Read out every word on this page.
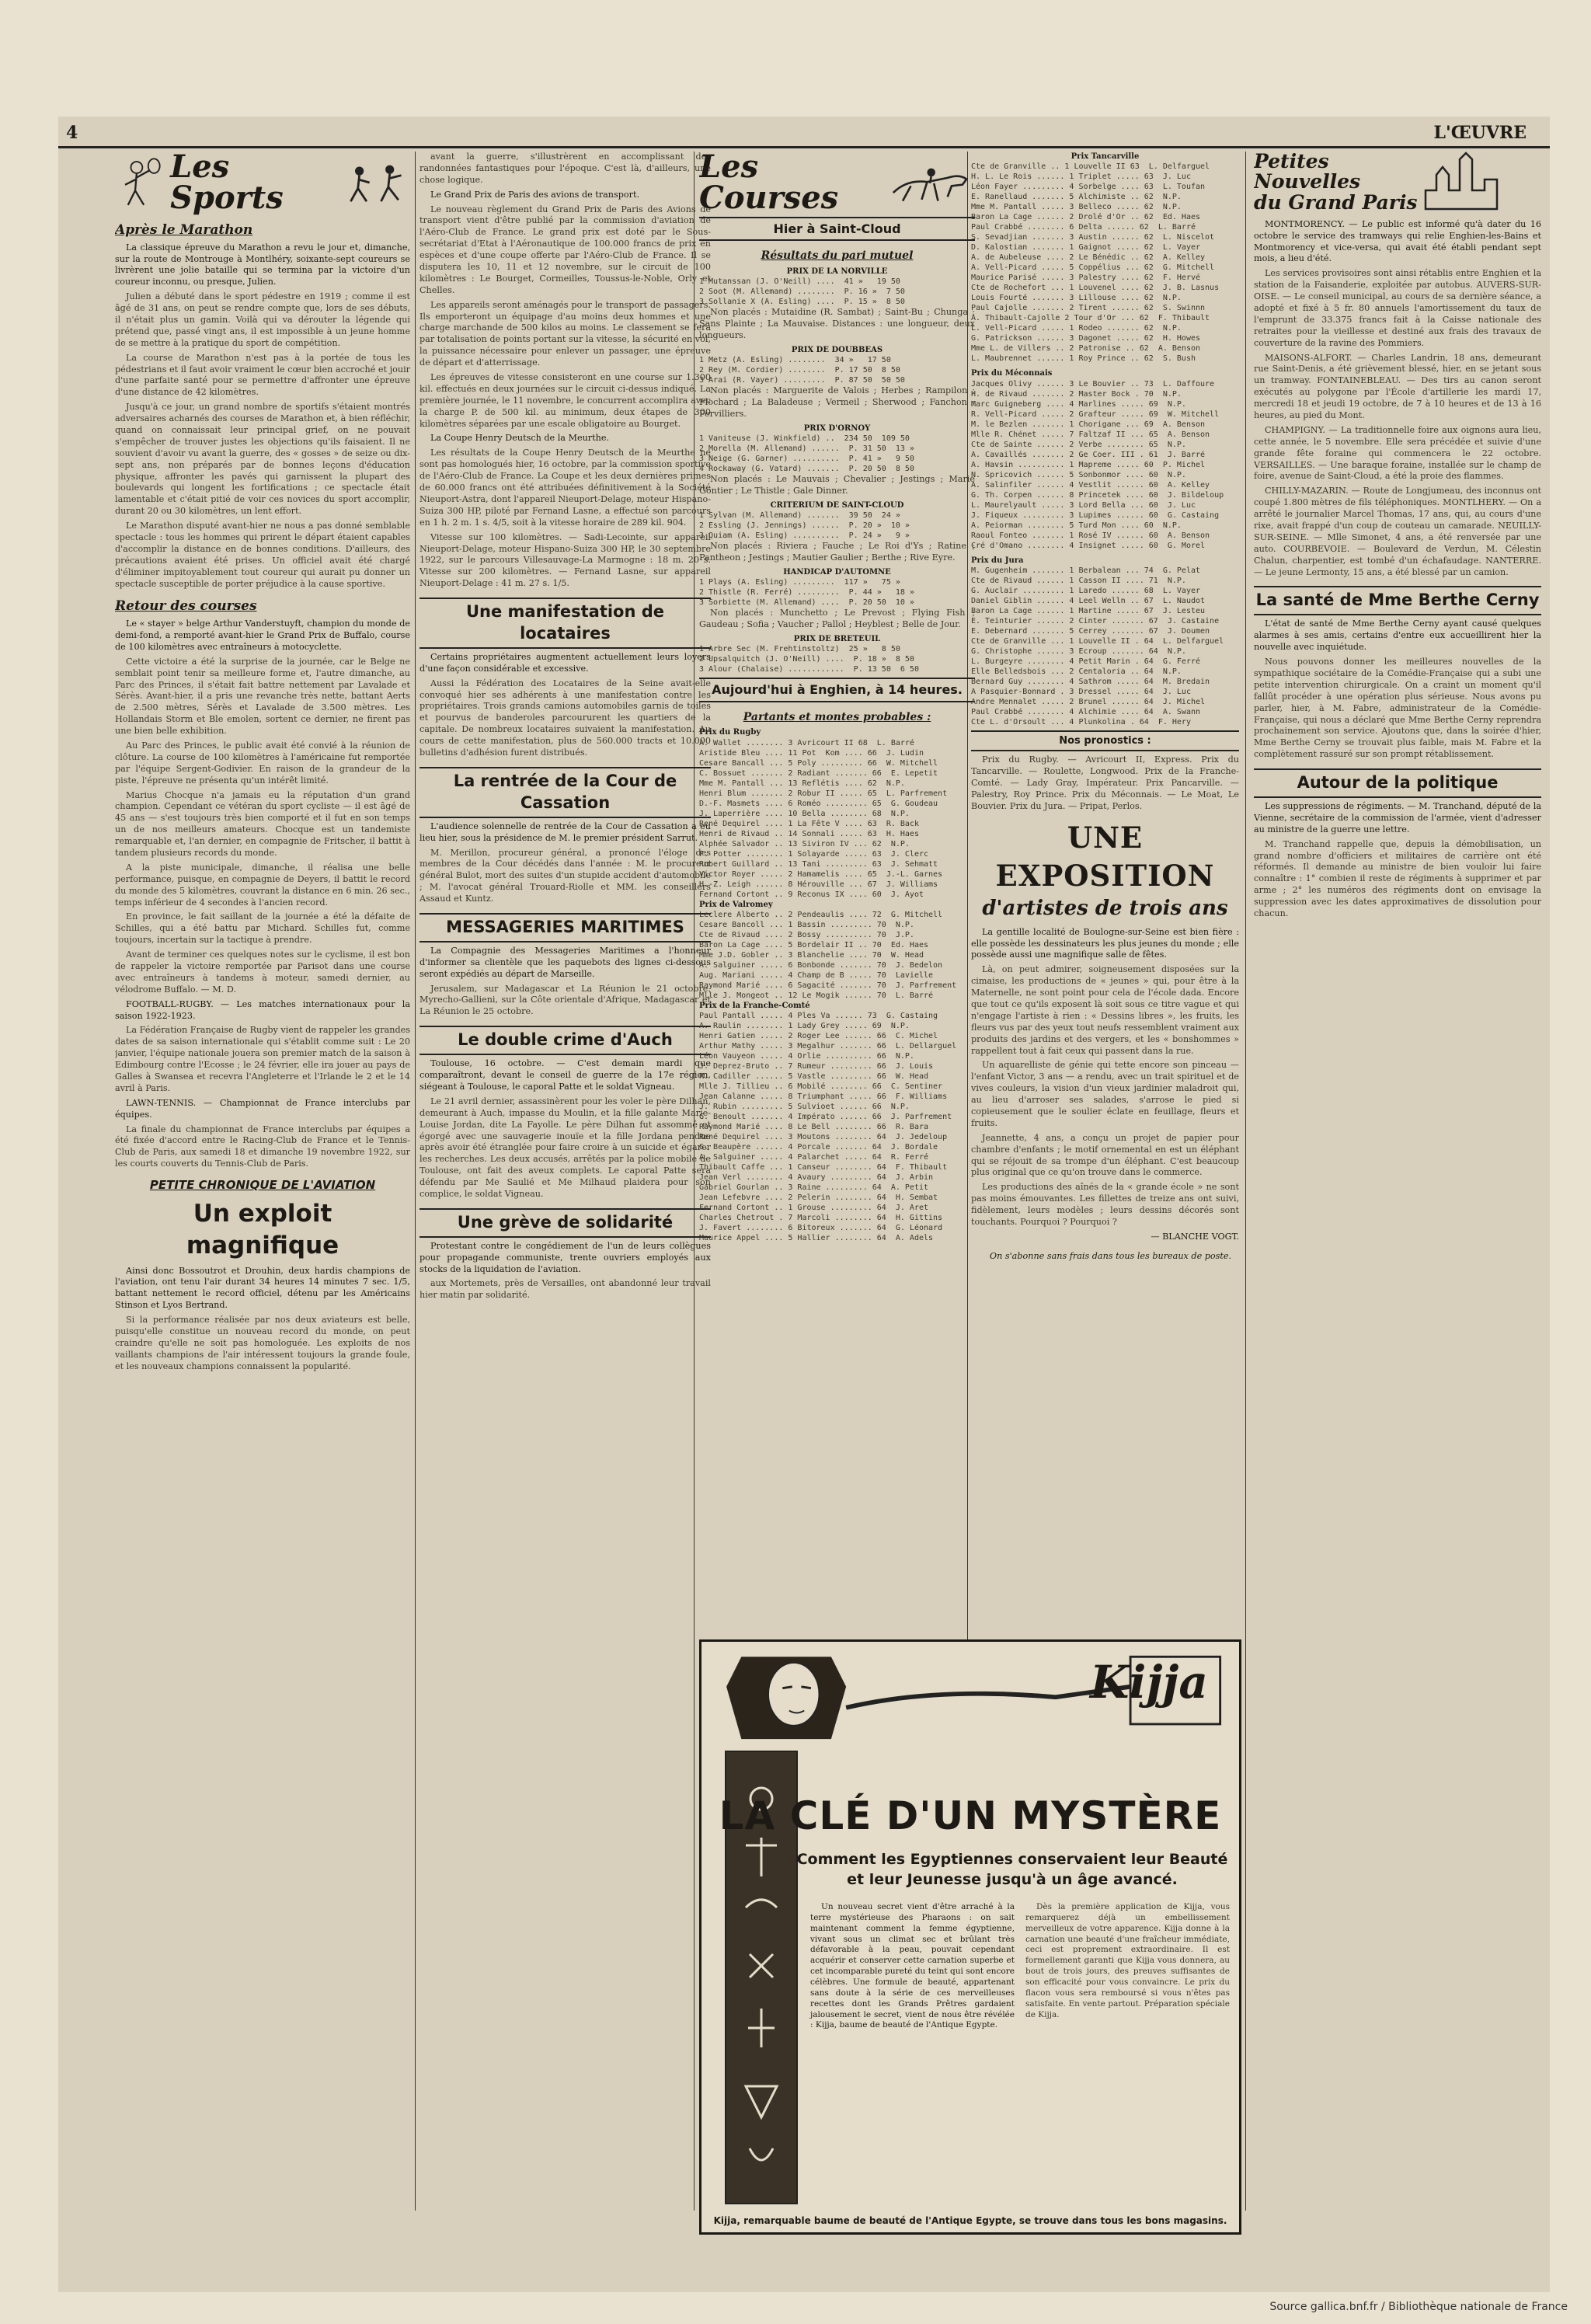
4	L'ŒUVRE
Les Sports
Après le Marathon

La classique épreuve du Marathon a revu le jour et, dimanche, sur la route de Montrouge à Montlhéry, soixante-sept coureurs se livrèrent une jolie bataille qui se termina par la victoire d'un coureur inconnu, ou presque, Julien.

Julien a débuté dans le sport pédestre en 1919 ; comme il est âgé de 31 ans, on peut se rendre compte que, lors de ses débuts, il n'était plus un gamin. Voilà qui va dérouter la légende qui prétend que, passé vingt ans, il est impossible à un jeune homme de se mettre à la pratique du sport de compétition.

La course de Marathon n'est pas à la portée de tous les pédestrians et il faut avoir vraiment le cœur bien accroché et jouir d'une parfaite santé pour se permettre d'affronter une épreuve d'une distance de 42 kilomètres.

Jusqu'à ce jour, un grand nombre de sportifs s'étaient montrés adversaires acharnés des courses de Marathon et, à bien réfléchir, quand on connaissait leur principal grief, on ne pouvait s'empêcher de trouver justes les objections qu'ils faisaient. Il ne souvient d'avoir vu avant la guerre, des « gosses » de seize ou dix-sept ans, non préparés par de bonnes leçons d'éducation physique, affronter les pavés qui garnissent la plupart des boulevards qui longent les fortifications ; ce spectacle était lamentable et c'était pitié de voir ces novices du sport accomplir, durant 20 ou 30 kilomètres, un lent effort.

Le Marathon disputé avant-hier ne nous a pas donné semblable spectacle : tous les hommes qui prirent le départ étaient capables d'accomplir la distance en de bonnes conditions. D'ailleurs, des précautions avaient été prises. Un officiel avait été chargé d'éliminer impitoyablement tout coureur qui aurait pu donner un spectacle susceptible de porter préjudice à la cause sportive.

Retour des courses

Le « stayer » belge Arthur Vanderstuyft, champion du monde de demi-fond, a remporté avant-hier le Grand Prix de Buffalo, course de 100 kilomètres avec entraîneurs à motocyclette.

Cette victoire a été la surprise de la journée, car le Belge ne semblait point tenir sa meilleure forme et, l'autre dimanche, au Parc des Princes, il s'était fait battre nettement par Lavalade et Sérès. Avant-hier, il a pris une revanche très nette, battant Aerts de 2.500 mètres, Sérès et Lavalade de 3.500 mètres. Les Hollandais Storm et Ble emolen, sortent ce dernier, ne firent pas une bien belle exhibition.

Au Parc des Princes, le public avait été convié à la réunion de clôture. La course de 100 kilomètres à l'américaine fut remportée par l'équipe Sergent-Godivier. En raison de la grandeur de la piste, l'épreuve ne présenta qu'un intérêt limité.

Marius Chocque n'a jamais eu la réputation d'un grand champion. Cependant ce vétéran du sport cycliste — il est âgé de 45 ans — s'est toujours très bien comporté et il fut en son temps un de nos meilleurs amateurs. Chocque est un tandemiste remarquable et, l'an dernier, en compagnie de Fritscher, il battit à tandem plusieurs records du monde.

A la piste municipale, dimanche, il réalisa une belle performance, puisque, en compagnie de Deyers, il battit le record du monde des 5 kilomètres, couvrant la distance en 6 min. 26 sec., temps inférieur de 4 secondes à l'ancien record.

En province, le fait saillant de la journée a été la défaite de Schilles, qui a été battu par Michard. Schilles fut, comme toujours, incertain sur la tactique à prendre.

Avant de terminer ces quelques notes sur le cyclisme, il est bon de rappeler la victoire remportée par Parisot dans une course avec entraîneurs à tandems à moteur, samedi dernier, au vélodrome Buffalo. — M. D.

FOOTBALL-RUGBY. — Les matches internationaux pour la saison 1922-1923.

La Fédération Française de Rugby vient de rappeler les grandes dates de sa saison internationale qui s'établit comme suit : Le 20 janvier, l'équipe nationale jouera son premier match de la saison à Edimbourg contre l'Ecosse ; le 24 février, elle ira jouer au pays de Galles à Swansea et recevra l'Angleterre et l'Irlande le 2 et le 14 avril à Paris.

LAWN-TENNIS. — Championnat de France interclubs par équipes.

La finale du championnat de France interclubs par équipes a été fixée d'accord entre le Racing-Club de France et le Tennis-Club de Paris, aux samedi 18 et dimanche 19 novembre 1922, sur les courts couverts du Tennis-Club de Paris.

PETITE CHRONIQUE DE L'AVIATION
Un exploit magnifique

Ainsi donc Bossoutrot et Drouhin, deux hardis champions de l'aviation, ont tenu l'air durant 34 heures 14 minutes 7 sec. 1/5, battant nettement le record officiel, détenu par les Américains Stinson et Lyos Bertrand.

Si la performance réalisée par nos deux aviateurs est belle, puisqu'elle constitue un nouveau record du monde, on peut craindre qu'elle ne soit pas homologuée. Les exploits de nos vaillants champions de l'air intéressent toujours la grande foule, et les nouveaux champions connaissent la popularité.

avant la guerre, s'illustrèrent en accomplissant des randonnées fantastiques pour l'époque. C'est là, d'ailleurs, une chose logique.

Le Grand Prix de Paris des avions de transport.

Le nouveau règlement du Grand Prix de Paris des Avions de transport vient d'être publié par la commission d'aviation de l'Aéro-Club de France. Le grand prix est doté par le Sous-secrétariat d'Etat à l'Aéronautique de 100.000 francs de prix en espèces et d'une coupe offerte par l'Aéro-Club de France. Il se disputera les 10, 11 et 12 novembre, sur le circuit de 100 kilomètres : Le Bourget, Cormeilles, Toussus-le-Noble, Orly et Chelles.

Les appareils seront aménagés pour le transport de passagers. Ils emporteront un équipage d'au moins deux hommes et une charge marchande de 500 kilos au moins. Le classement se fera par totalisation de points portant sur la vitesse, la sécurité en vol, la puissance nécessaire pour enlever un passager, une épreuve de départ et d'atterrissage.

Les épreuves de vitesse consisteront en une course sur 1.300 kil. effectués en deux journées sur le circuit ci-dessus indiqué. La première journée, le 11 novembre, le concurrent accomplira avec la charge P. de 500 kil. au minimum, deux étapes de 300 kilomètres séparées par une escale obligatoire au Bourget.

La Coupe Henry Deutsch de la Meurthe.

Les résultats de la Coupe Henry Deutsch de la Meurthe ne sont pas homologués hier, 16 octobre, par la commission sportive de l'Aéro-Club de France. La Coupe et les deux dernières primes de 60.000 francs ont été attribuées définitivement à la Société Nieuport-Astra, dont l'appareil Nieuport-Delage, moteur Hispano-Suiza 300 HP, piloté par Fernand Lasne, a effectué son parcours en 1 h. 2 m. 1 s. 4/5, soit à la vitesse horaire de 289 kil. 904.

Vitesse sur 100 kilomètres. — Sadi-Lecointe, sur appareil Nieuport-Delage, moteur Hispano-Suiza 300 HP, le 30 septembre 1922, sur le parcours Villesauvage-La Marmogne : 18 m. 20 s. Vitesse sur 200 kilomètres. — Fernand Lasne, sur appareil Nieuport-Delage : 41 m. 27 s. 1/5.

Une manifestation de locataires

Certains propriétaires augmentent actuellement leurs loyers d'une façon considérable et excessive.

Aussi la Fédération des Locataires de la Seine avait-elle convoqué hier ses adhérents à une manifestation contre les propriétaires. Trois grands camions automobiles garnis de toiles et pourvus de banderoles parcoururent les quartiers de la capitale. De nombreux locataires suivaient la manifestation. Au cours de cette manifestation, plus de 560.000 tracts et 10.000 bulletins d'adhésion furent distribués.

La rentrée de la Cour de Cassation

L'audience solennelle de rentrée de la Cour de Cassation a eu lieu hier, sous la présidence de M. le premier président Sarrut.

M. Merillon, procureur général, a prononcé l'éloge des membres de la Cour décédés dans l'année : M. le procureur général Bulot, mort des suites d'un stupide accident d'automobile ; M. l'avocat général Trouard-Riolle et MM. les conseillers Assaud et Kuntz.

MESSAGERIES MARITIMES

La Compagnie des Messageries Maritimes a l'honneur d'informer sa clientèle que les paquebots des lignes ci-dessous seront expédiés au départ de Marseille.

Jerusalem, sur Madagascar et La Réunion le 21 octobre. Myrecho-Gallieni, sur la Côte orientale d'Afrique, Madagascar et La Réunion le 25 octobre.

Le double crime d'Auch

Toulouse, 16 octobre. — C'est demain mardi que comparaîtront, devant le conseil de guerre de la 17e région, siégeant à Toulouse, le caporal Patte et le soldat Vigneau.

Le 21 avril dernier, assassinèrent pour les voler le père Dilhan, demeurant à Auch, impasse du Moulin, et la fille galante Marie-Louise Jordan, dite La Fayolle. Le père Dilhan fut assommé et égorgé avec une sauvagerie inouïe et la fille Jordana pendue après avoir été étranglée pour faire croire à un suicide et égarer les recherches. Les deux accusés, arrêtés par la police mobile de Toulouse, ont fait des aveux complets. Le caporal Patte sera défendu par Me Saulié et Me Milhaud plaidera pour son complice, le soldat Vigneau.

Une grève de solidarité

Protestant contre le congédiement de l'un de leurs collègues pour propagande communiste, trente ouvriers employés aux stocks de la liquidation de l'aviation.

aux Mortemets, près de Versailles, ont abandonné leur travail hier matin par solidarité.

Les Courses
Hier à Saint-Cloud
Résultats du pari mutuel
PRIX DE LA NORVILLE
1 Mutanssan (J. O'Neill) ....  41 »   19 50
2 Soot (M. Allemand) ........  P. 16 »  7 50
3 Sollanie X (A. Esling) ....  P. 15 »  8 50

Non placés : Mutaidine (R. Sambat) ; Saint-Bu ; Chunga ; Sans Plainte ; La Mauvaise. Distances : une longueur, deux longueurs.

PRIX DE DOUBBEAS
1 Metz (A. Esling) ........  34 »   17 50
2 Rey (M. Cordier) ........  P. 17 50  8 50
3 Arai (R. Vayer) .........  P. 87 50  50 50

Non placés : Marguerite de Valois ; Herbes ; Rampilon ; Flochard ; La Baladeuse ; Vermeil ; Sherwood ; Fanchon ; Pervilliers.

PRIX D'ORNOY
1 Vaniteuse (J. Winkfield) ..  234 50  109 50
2 Morella (M. Allemand) ......  P. 31 50  13 »
3 Neige (G. Garner) ..........  P. 41 »   9 50
4 Rockaway (G. Vatard) .......  P. 20 50  8 50

Non placés : Le Mauvais ; Chevalier ; Jestings ; Marie Gontier ; Le Thistle ; Gale Dinner.

CRITERIUM DE SAINT-CLOUD
1 Sylvan (M. Allemand) .......  39 50  24 »
2 Essling (J. Jennings) ......  P. 20 »  10 »
3 Quiam (A. Esling) ..........  P. 24 »   9 »

Non placés : Riviera ; Fauche ; Le Roi d'Ys ; Ratine ; Pantheon ; Jestings ; Mautier Gaulier ; Berthe ; Rive Eyre.

HANDICAP D'AUTOMNE
1 Plays (A. Esling) .........  117 »   75 »
2 Thistle (R. Ferré) .........  P. 44 »   18 »
3 Sorbiette (M. Allemand) ....  P. 20 50  10 »

Non placés : Munchetto ; Le Prevost ; Flying Fish ; Gaudeau ; Sofia ; Vaucher ; Pallol ; Heyblest ; Belle de Jour.

PRIX DE BRETEUIL
1 Arbre Sec (M. Frehtinstoltz)  25 »   8 50
2 Upsalquitch (J. O'Neill) ....  P. 18 »  8 50
3 Alour (Chalaise) ............  P. 13 50  6 50
Aujourd'hui à Enghien, à 14 heures.
Partants et montes probables :
Prix du Rugby
A. Wallet ........ 3 Avricourt II 68  L. Barré
Aristide Bleu .... 11 Pot  Kom .... 66  J. Ludin
Cesare Bancall ... 5 Poly ......... 66  W. Mitchell
C. Bossuet ....... 2 Radiant ....... 66  E. Lepetit
Mme M. Pantall ... 13 Reflétis .... 62  N.P.
Henri Blum ....... 2 Robur II ..... 65  L. Parfrement
D.-F. Masmets .... 6 Roméo ......... 65  G. Goudeau
J. Laperrière .... 10 Bella ........ 68  N.P.
René Dequirel .... 1 La Fête V .... 63  R. Back
Henri de Rivaud .. 14 Sonnali ..... 63  H. Haes
Alphée Salvador .. 13 Siviron IV ... 62  N.P.
F. Potter ........ 1 Solayarde ..... 63  J. Clerc
Robert Guillard .. 13 Tani ......... 63  J. Sehmatt
Victor Royer ..... 2 Hamamelis .... 65  J.-L. Garnes
H.-Z. Leigh ...... 8 Hérouville ... 67  J. Williams
Fernand Cortont .. 9 Reconus IX .... 60  J. Ayot
Prix de Valromey
Leclere Alberto .. 2 Pendeaulis .... 72  G. Mitchell
Cesare Bancoll ... 1 Bassin ......... 70  N.P.
Cte de Rivaud .... 2 Bossy .......... 70  J.P.
Baron La Cage .... 5 Bordelair II .. 70  Ed. Haes
Mme J.D. Gobler .. 3 Blanchelie .... 70  W. Head
A. Salguiner ..... 6 Bonbonde ....... 70  J. Bedelon
Aug. Mariani ..... 4 Champ de B ..... 70  Lavielle
Raymond Marié .... 6 Sagacité ....... 70  J. Parfrement
Mlle J. Mongeot .. 12 Le Mogik ...... 70  L. Barré
Prix de la Franche-Comté
Paul Pantall ..... 4 Ples Va ...... 73  G. Castaing
A. Raulin ........ 1 Lady Grey ..... 69  N.P.
Henri Gatien ..... 2 Roger Lee ...... 66  C. Michel
Arthur Mathy ..... 3 Megalhur ....... 66  L. Dellarguel
Léon Vauyeon ..... 4 Orlie .......... 66  N.P.
J. Deprez-Bruto .. 7 Rumeur ......... 66  J. Louis
R. Cadiller ...... 5 Vastle ......... 66  W. Head
Mlle J. Tillieu .. 6 Mobilé ........ 66  C. Sentiner
Jean Calanne ..... 8 Triumphant ..... 66  F. Williams
J. Rubin ......... 5 Sulvioet ...... 66  N.P.
G. Benoult ....... 4 Impérato ...... 66  J. Parfrement
Raymond Marié .... 8 Le Bell ........ 66  R. Bara
René Dequirel .... 3 Moutons ........ 64  J. Jedeloup
G. Beaupère ...... 4 Porcale ....... 64  J. Bordale
A. Salguiner ..... 4 Palarchet ..... 64  R. Ferré
Thibault Caffe ... 1 Canseur ........ 64  F. Thibault
Jean Verl ........ 4 Avaury ......... 64  J. Arbin
Gabriel Gourlan .. 3 Raine ......... 64  A. Petit
Jean Lefebvre .... 2 Pelerin ........ 64  H. Sembat
Fernand Cortont .. 1 Grouse ......... 64  J. Aret
Charles Chetrout . 7 Marcoli ........ 64  H. Gittins
J. Favert ........ 6 Bitoreux ....... 64  G. Léonard
Maurice Appel .... 5 Hallier ........ 64  A. Adels
Prix Tancarville
Cte de Granville .. 1 Louvelle II 63  L. Delfarguel
H. L. Le Rois ...... 1 Triplet ..... 63  J. Luc
Léon Fayer ......... 4 Sorbelge .... 63  L. Toufan
E. Ranellaud ....... 5 Alchimiste .. 62  N.P.
Mme M. Pantall ..... 3 Belleco ..... 62  N.P.
Baron La Cage ...... 2 Drolé d'Or .. 62  Ed. Haes
Paul Crabbé ........ 6 Delta ...... 62  L. Barré
S. Sevadjian ....... 3 Austin ...... 62  L. Niscelot
D. Kalostian ....... 1 Gaignot ..... 62  L. Vayer
A. de Aubeleuse .... 2 Le Bénédic .. 62  A. Kelley
A. Vell-Picard ..... 5 Coppélius ... 62  G. Mitchell
Maurice Parisé ..... 3 Palestry .... 62  F. Hervé
Cte de Rochefort ... 1 Louvenel .... 62  J. B. Lasnus
Louis Fourté ....... 3 Lillouse .... 62  N.P.
Paul Cajolle ....... 2 Tirent ...... 62  S. Swinnn
A. Thibault-Cajolle 2 Tour d'Or ... 62  F. Thibault
L. Vell-Picard ..... 1 Rodeo ....... 62  N.P.
G. Patrickson ...... 3 Dagonet ..... 62  H. Howes
Mme L. de Villers .. 2 Patronise .. 62  A. Benson
L. Maubrennet ...... 1 Roy Prince .. 62  S. Bush
Prix du Méconnais
Jacques Olivy ...... 3 Le Bouvier .. 73  L. Daffoure
H. de Rivaud ....... 2 Master Bock . 70  N.P.
Marc Guigneberg .... 4 Marlines ..... 69  N.P.
R. Vell-Picard ..... 2 Grafteur ..... 69  W. Mitchell
M. le Bezlen ....... 1 Chorigane ... 69  A. Benson
Mlle R. Chénet ..... 7 Faltzaf II ... 65  A. Benson
Cte de Sainte ...... 2 Verbe ........ 65  N.P.
A. Cavaillés ....... 2 Ge Coer. III . 61  J. Barré
A. Havsin .......... 1 Mapreme ..... 60  P. Michel
N. Spricovich ...... 5 Sonbonmor .... 60  N.P.
A. Salinfiler ...... 4 Vestlit ...... 60  A. Kelley
G. Th. Corpen ...... 8 Princetek .... 60  J. Bildeloup
L. Maurelyault ..... 3 Lord Bella ... 60  J. Luc
J. Fiqueux ......... 3 Lupimes ...... 60  G. Castaing
A. Peiorman ........ 5 Turd Mon .... 60  N.P.
Raoul Fonteo ....... 1 Rosé IV ...... 60  A. Benson
Cré d'Omano ........ 4 Insignet ..... 60  G. Morel
Prix du Jura
M. Gugenheim ....... 1 Berbalean ... 74  G. Pelat
Cte de Rivaud ...... 1 Casson II .... 71  N.P.
G. Auclair ......... 1 Laredo ...... 68  L. Vayer
Daniel Giblin ...... 4 Leel Welln .. 67  L. Naudot
Baron La Cage ...... 1 Martine ..... 67  J. Lesteu
E. Teinturier ...... 2 Cinter ....... 67  J. Castaine
E. Debernard ....... 5 Cerrey ....... 67  J. Doumen
Cte de Granville ... 1 Louvelle II . 64  L. Delfarguel
G. Christophe ...... 3 Ecroup ....... 64  N.P.
L. Burgeyre ........ 4 Petit Marin . 64  G. Ferré
Elle Belledsbois ... 2 Centaloria .. 64  N.P.
Bernard Guy ........ 4 Sathrom ..... 64  M. Bredain
A Pasquier-Bonnard . 3 Dressel ..... 64  J. Luc
Andre Mennalet ..... 2 Brunel ...... 64  J. Michel
Paul Crabbé ........ 4 Alchimie .... 64  A. Swann
Cte L. d'Orsoult ... 4 Plunkolina . 64  F. Hery
Nos pronostics :

Prix du Rugby. — Avricourt II, Express. Prix du Tancarville. — Roulette, Longwood. Prix de la Franche-Comté. — Lady Gray, Impérateur. Prix Pancarville. — Palestry, Roy Prince. Prix du Méconnais. — Le Moat, Le Bouvier. Prix du Jura. — Pripat, Perlos.

UNE EXPOSITION
d'artistes de trois ans

La gentille localité de Boulogne-sur-Seine est bien fière : elle possède les dessinateurs les plus jeunes du monde ; elle possède aussi une magnifique salle de fêtes.

Là, on peut admirer, soigneusement disposées sur la cimaise, les productions de « jeunes » qui, pour être à la Maternelle, ne sont point pour cela de l'école dada. Encore que tout ce qu'ils exposent là soit sous ce titre vague et qui n'engage l'artiste à rien : « Dessins libres », les fruits, les fleurs vus par des yeux tout neufs ressemblent vraiment aux produits des jardins et des vergers, et les « bonshommes » rappellent tout à fait ceux qui passent dans la rue.

Un aquarelliste de génie qui tette encore son pinceau — l'enfant Victor, 3 ans — a rendu, avec un trait spirituel et de vives couleurs, la vision d'un vieux jardinier maladroit qui, au lieu d'arroser ses salades, s'arrose le pied si copieusement que le soulier éclate en feuillage, fleurs et fruits.

Jeannette, 4 ans, a conçu un projet de papier pour chambre d'enfants ; le motif ornemental en est un éléphant qui se réjouit de sa trompe d'un éléphant. C'est beaucoup plus original que ce qu'on trouve dans le commerce.

Les productions des aînés de la « grande école » ne sont pas moins émouvantes. Les fillettes de treize ans ont suivi, fidèlement, leurs modèles ; leurs dessins décorés sont touchants. Pourquoi ? Pourquoi ?

— BLANCHE VOGT.

On s'abonne sans frais dans tous les bureaux de poste.

Petites
Nouvelles
du Grand Paris

MONTMORENCY. — Le public est informé qu'à dater du 16 octobre le service des tramways qui relie Enghien-les-Bains et Montmorency et vice-versa, qui avait été établi pendant sept mois, a lieu d'été.

Les services provisoires sont ainsi rétablis entre Enghien et la station de la Faisanderie, exploitée par autobus. AUVERS-SUR-OISE. — Le conseil municipal, au cours de sa dernière séance, a adopté et fixé à 5 fr. 80 annuels l'amortissement du taux de l'emprunt de 33.375 francs fait à la Caisse nationale des retraites pour la vieillesse et destiné aux frais des travaux de couverture de la ravine des Pommiers.

MAISONS-ALFORT. — Charles Landrin, 18 ans, demeurant rue Saint-Denis, a été grièvement blessé, hier, en se jetant sous un tramway. FONTAINEBLEAU. — Des tirs au canon seront exécutés au polygone par l'École d'artillerie les mardi 17, mercredi 18 et jeudi 19 octobre, de 7 à 10 heures et de 13 à 16 heures, au pied du Mont.

CHAMPIGNY. — La traditionnelle foire aux oignons aura lieu, cette année, le 5 novembre. Elle sera précédée et suivie d'une grande fête foraine qui commencera le 22 octobre. VERSAILLES. — Une baraque foraine, installée sur le champ de foire, avenue de Saint-Cloud, a été la proie des flammes.

CHILLY-MAZARIN. — Route de Longjumeau, des inconnus ont coupé 1.800 mètres de fils téléphoniques. MONTLHERY. — On a arrêté le journalier Marcel Thomas, 17 ans, qui, au cours d'une rixe, avait frappé d'un coup de couteau un camarade. NEUILLY-SUR-SEINE. — Mlle Simonet, 4 ans, a été renversée par une auto. COURBEVOIE. — Boulevard de Verdun, M. Célestin Chalun, charpentier, est tombé d'un échafaudage. NANTERRE. — Le jeune Lermonty, 15 ans, a été blessé par un camion.

La santé de Mme Berthe Cerny

L'état de santé de Mme Berthe Cerny ayant causé quelques alarmes à ses amis, certains d'entre eux accueillirent hier la nouvelle avec inquiétude.

Nous pouvons donner les meilleures nouvelles de la sympathique sociétaire de la Comédie-Française qui a subi une petite intervention chirurgicale. On a craint un moment qu'il fallût procéder à une opération plus sérieuse. Nous avons pu parler, hier, à M. Fabre, administrateur de la Comédie-Française, qui nous a déclaré que Mme Berthe Cerny reprendra prochainement son service. Ajoutons que, dans la soirée d'hier, Mme Berthe Cerny se trouvait plus faible, mais M. Fabre et la complètement rassuré sur son prompt rétablissement.

Autour de la politique

Les suppressions de régiments. — M. Tranchand, député de la Vienne, secrétaire de la commission de l'armée, vient d'adresser au ministre de la guerre une lettre.

M. Tranchand rappelle que, depuis la démobilisation, un grand nombre d'officiers et militaires de carrière ont été réformés. Il demande au ministre de bien vouloir lui faire connaître : 1° combien il reste de régiments à supprimer et par arme ; 2° les numéros des régiments dont on envisage la suppression avec les dates approximatives de dissolution pour chacun.

Kijja
LA CLÉ D'UN MYSTÈRE
Comment les Egyptiennes conservaient leur Beauté et leur Jeunesse jusqu'à un âge avancé.

Un nouveau secret vient d'être arraché à la terre mystérieuse des Pharaons : on sait maintenant comment la femme égyptienne, vivant sous un climat sec et brûlant très défavorable à la peau, pouvait cependant acquérir et conserver cette carnation superbe et cet incomparable pureté du teint qui sont encore célèbres. Une formule de beauté, appartenant sans doute à la série de ces merveilleuses recettes dont les Grands Prêtres gardaient jalousement le secret, vient de nous être révélée : Kijja, baume de beauté de l'Antique Egypte.

Dès la première application de Kijja, vous remarquerez déjà un embellissement merveilleux de votre apparence. Kijja donne à la carnation une beauté d'une fraîcheur immédiate, ceci est proprement extraordinaire. Il est formellement garanti que Kijja vous donnera, au bout de trois jours, des preuves suffisantes de son efficacité pour vous convaincre. Le prix du flacon vous sera remboursé si vous n'êtes pas satisfaite. En vente partout. Préparation spéciale de Kijja.

Kijja, remarquable baume de beauté de l'Antique Egypte, se trouve dans tous les bons magasins.
Source gallica.bnf.fr / Bibliothèque nationale de France
